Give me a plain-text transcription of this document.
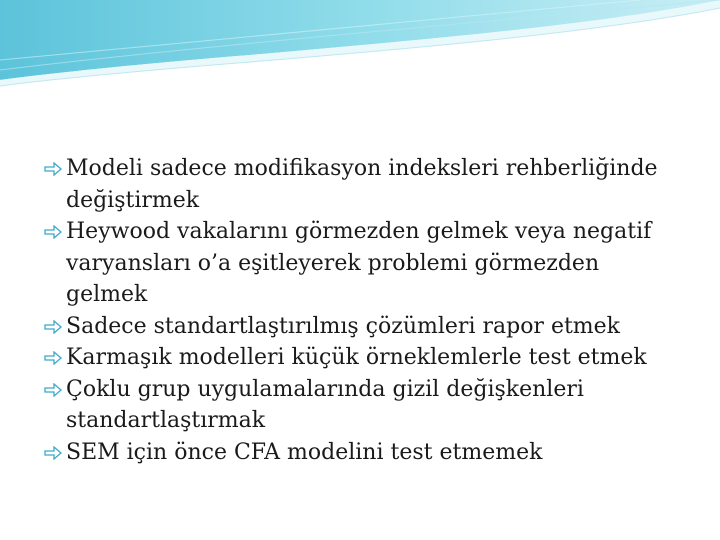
Modeli sadece modifikasyon indeksleri rehberliğinde değiştirmek
Heywood vakalarını görmezden gelmek veya negatif varyansları o’a eşitleyerek problemi görmezden gelmek
Sadece standartlaştırılmış çözümleri rapor etmek
Karmaşık modelleri küçük örneklemlerle test etmek
Çoklu grup uygulamalarında gizil değişkenleri standartlaştırmak
SEM için önce CFA modelini test etmemek
